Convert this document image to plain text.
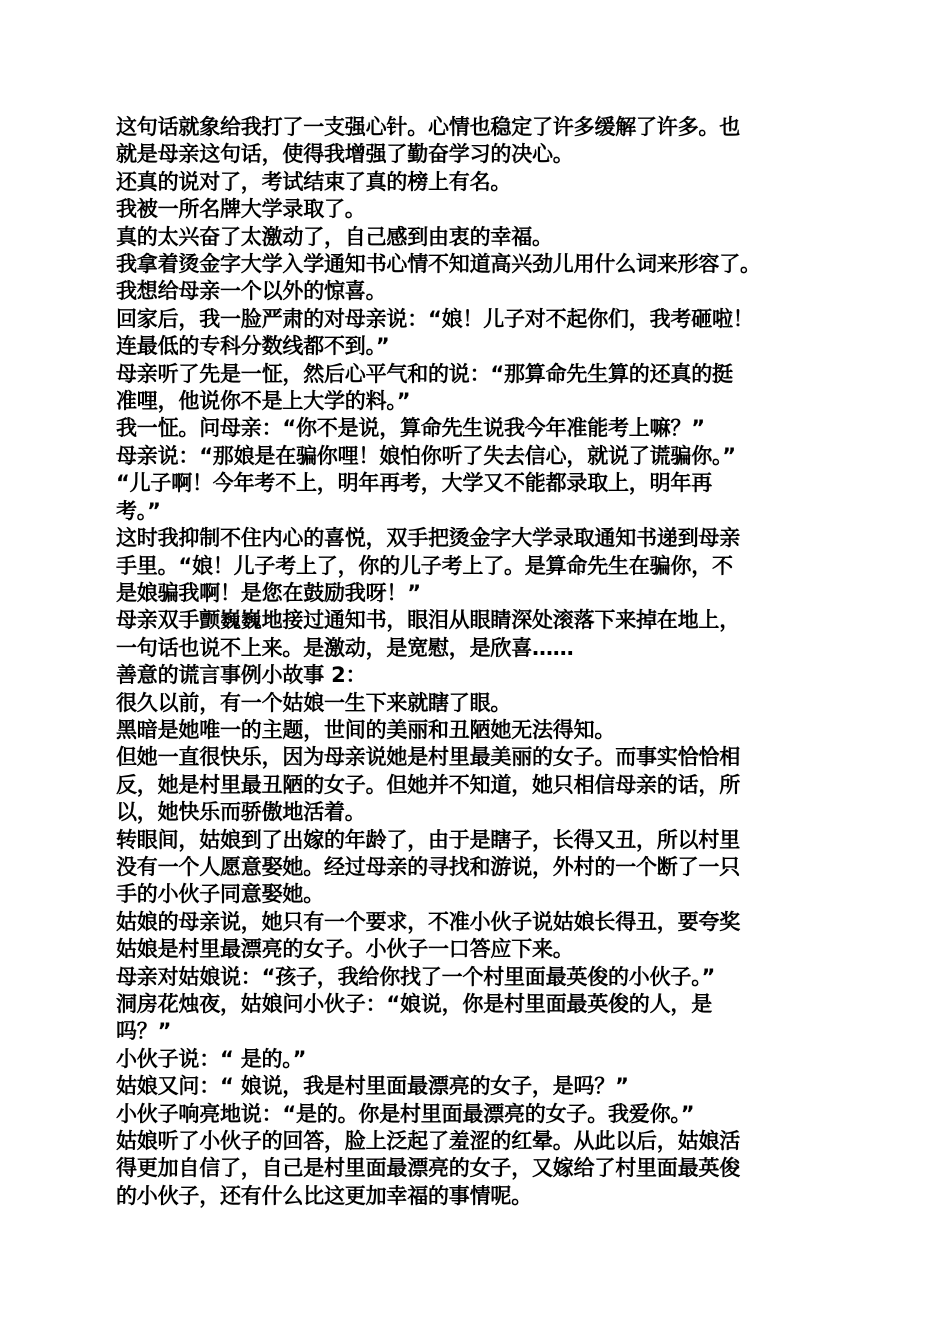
这句话就象给我打了一支强心针。心情也稳定了许多缓解了许多。也
就是母亲这句话，使得我增强了勤奋学习的决心。
还真的说对了，考试结束了真的榜上有名。
我被一所名牌大学录取了。
真的太兴奋了太激动了，自己感到由衷的幸福。
我拿着烫金字大学入学通知书心情不知道高兴劲儿用什么词来形容了。
我想给母亲一个以外的惊喜。
回家后，我一脸严肃的对母亲说：“娘！儿子对不起你们，我考砸啦！
连最低的专科分数线都不到。”
母亲听了先是一怔，然后心平气和的说：“那算命先生算的还真的挺
准哩，他说你不是上大学的料。”
我一怔。问母亲：“你不是说，算命先生说我今年准能考上嘛？”
母亲说：“那娘是在骗你哩！娘怕你听了失去信心，就说了谎骗你。”
“儿子啊！今年考不上，明年再考，大学又不能都录取上，明年再
考。”
这时我抑制不住内心的喜悦，双手把烫金字大学录取通知书递到母亲
手里。“娘！儿子考上了，你的儿子考上了。是算命先生在骗你，不
是娘骗我啊！是您在鼓励我呀！”
母亲双手颤巍巍地接过通知书，眼泪从眼睛深处滚落下来掉在地上，
一句话也说不上来。是激动，是宽慰，是欣喜……
善意的谎言事例小故事 2：
很久以前，有一个姑娘一生下来就瞎了眼。
黑暗是她唯一的主题，世间的美丽和丑陋她无法得知。
但她一直很快乐，因为母亲说她是村里最美丽的女子。而事实恰恰相
反，她是村里最丑陋的女子。但她并不知道，她只相信母亲的话，所
以，她快乐而骄傲地活着。
转眼间，姑娘到了出嫁的年龄了，由于是瞎子，长得又丑，所以村里
没有一个人愿意娶她。经过母亲的寻找和游说，外村的一个断了一只
手的小伙子同意娶她。
姑娘的母亲说，她只有一个要求，不准小伙子说姑娘长得丑，要夸奖
姑娘是村里最漂亮的女子。小伙子一口答应下来。
母亲对姑娘说：“孩子，我给你找了一个村里面最英俊的小伙子。”
洞房花烛夜，姑娘问小伙子：“娘说，你是村里面最英俊的人，是
吗？”
小伙子说：“ 是的。”
姑娘又问：“ 娘说，我是村里面最漂亮的女子，是吗？”
小伙子响亮地说：“是的。你是村里面最漂亮的女子。我爱你。”
姑娘听了小伙子的回答，脸上泛起了羞涩的红晕。从此以后，姑娘活
得更加自信了，自己是村里面最漂亮的女子，又嫁给了村里面最英俊
的小伙子，还有什么比这更加幸福的事情呢。
